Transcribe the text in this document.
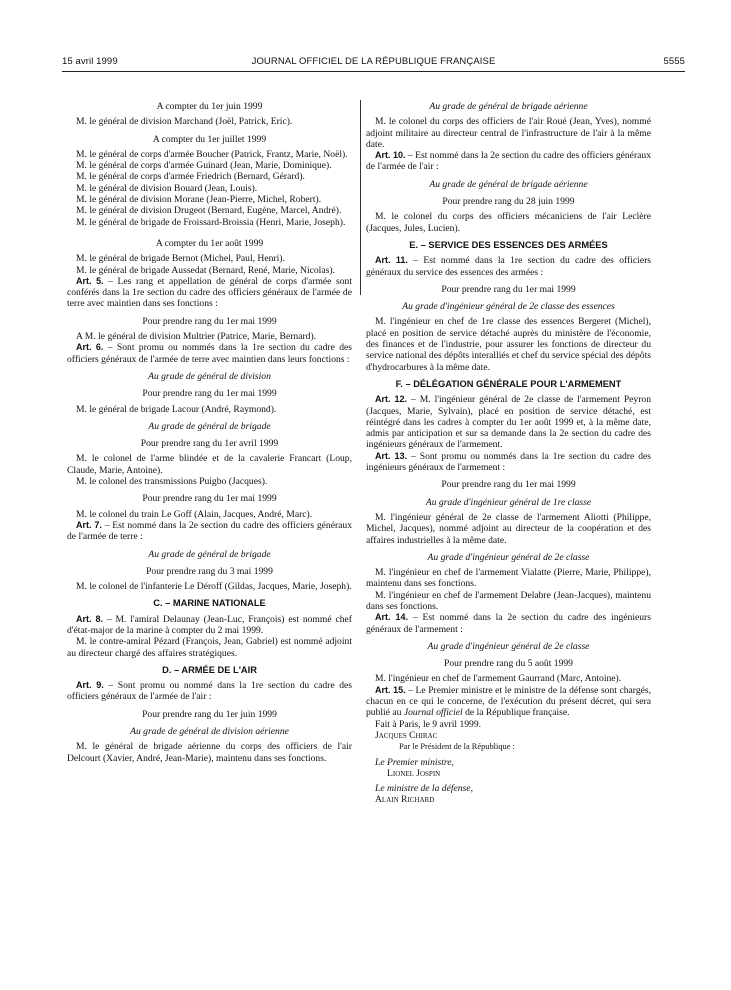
15 avril 1999	JOURNAL OFFICIEL DE LA RÉPUBLIQUE FRANÇAISE	5555

A compter du 1er juin 1999

M. le général de division Marchand (Joël, Patrick, Eric).

A compter du 1er juillet 1999

M. le général de corps d'armée Boucher (Patrick, Frantz, Marie, Noël).

M. le général de corps d'armée Guinard (Jean, Marie, Dominique).

M. le général de corps d'armée Friedrich (Bernard, Gérard).

M. le général de division Bouard (Jean, Louis).

M. le général de division Morane (Jean-Pierre, Michel, Robert).

M. le général de division Drugeot (Bernard, Eugène, Marcel, André).

M. le général de brigade de Froissard-Broissia (Henri, Marie, Joseph).

A compter du 1er août 1999

M. le général de brigade Bernot (Michel, Paul, Henri).

M. le général de brigade Aussedat (Bernard, René, Marie, Nicolas).

Art. 5. – Les rang et appellation de général de corps d'armée sont conférés dans la 1re section du cadre des officiers généraux de l'armée de terre avec maintien dans ses fonctions :

Pour prendre rang du 1er mai 1999

A M. le général de division Multrier (Patrice, Marie, Bernard).

Art. 6. – Sont promu ou nommés dans la 1re section du cadre des officiers généraux de l'armée de terre avec maintien dans leurs fonctions :

Au grade de général de division

Pour prendre rang du 1er mai 1999

M. le général de brigade Lacour (André, Raymond).

Au grade de général de brigade

Pour prendre rang du 1er avril 1999

M. le colonel de l'arme blindée et de la cavalerie Francart (Loup, Claude, Marie, Antoine).

M. le colonel des transmissions Puigbo (Jacques).

Pour prendre rang du 1er mai 1999

M. le colonel du train Le Goff (Alain, Jacques, André, Marc).

Art. 7. – Est nommé dans la 2e section du cadre des officiers généraux de l'armée de terre :

Au grade de général de brigade

Pour prendre rang du 3 mai 1999

M. le colonel de l'infanterie Le Déroff (Gildas, Jacques, Marie, Joseph).

C. – MARINE NATIONALE

Art. 8. – M. l'amiral Delaunay (Jean-Luc, François) est nommé chef d'état-major de la marine à compter du 2 mai 1999.

M. le contre-amiral Pézard (François, Jean, Gabriel) est nommé adjoint au directeur chargé des affaires stratégiques.

D. – ARMÉE DE L'AIR

Art. 9. – Sont promu ou nommé dans la 1re section du cadre des officiers généraux de l'armée de l'air :

Pour prendre rang du 1er juin 1999

Au grade de général de division aérienne

M. le général de brigade aérienne du corps des officiers de l'air Delcourt (Xavier, André, Jean-Marie), maintenu dans ses fonctions.

Au grade de général de brigade aérienne

M. le colonel du corps des officiers de l'air Roué (Jean, Yves), nommé adjoint militaire au directeur central de l'infrastructure de l'air à la même date.

Art. 10. – Est nommé dans la 2e section du cadre des officiers généraux de l'armée de l'air :

Au grade de général de brigade aérienne

Pour prendre rang du 28 juin 1999

M. le colonel du corps des officiers mécaniciens de l'air Leclère (Jacques, Jules, Lucien).

E. – SERVICE DES ESSENCES DES ARMÉES

Art. 11. – Est nommé dans la 1re section du cadre des officiers généraux du service des essences des armées :

Pour prendre rang du 1er mai 1999

Au grade d'ingénieur général de 2e classe des essences

M. l'ingénieur en chef de 1re classe des essences Bergeret (Michel), placé en position de service détaché auprès du ministère de l'économie, des finances et de l'industrie, pour assurer les fonctions de directeur du service national des dépôts interalliés et chef du service spécial des dépôts d'hydrocarbures à la même date.

F. – DÉLÉGATION GÉNÉRALE POUR L'ARMEMENT

Art. 12. – M. l'ingénieur général de 2e classe de l'armement Peyron (Jacques, Marie, Sylvain), placé en position de service détaché, est réintégré dans les cadres à compter du 1er août 1999 et, à la même date, admis par anticipation et sur sa demande dans la 2e section du cadre des ingénieurs généraux de l'armement.

Art. 13. – Sont promu ou nommés dans la 1re section du cadre des ingénieurs généraux de l'armement :

Pour prendre rang du 1er mai 1999

Au grade d'ingénieur général de 1re classe

M. l'ingénieur général de 2e classe de l'armement Aliotti (Philippe, Michel, Jacques), nommé adjoint au directeur de la coopération et des affaires industrielles à la même date.

Au grade d'ingénieur général de 2e classe

M. l'ingénieur en chef de l'armement Vialatte (Pierre, Marie, Philippe), maintenu dans ses fonctions.

M. l'ingénieur en chef de l'armement Delabre (Jean-Jacques), maintenu dans ses fonctions.

Art. 14. – Est nommé dans la 2e section du cadre des ingénieurs généraux de l'armement :

Au grade d'ingénieur général de 2e classe

Pour prendre rang du 5 août 1999

M. l'ingénieur en chef de l'armement Gaurrand (Marc, Antoine).

Art. 15. – Le Premier ministre et le ministre de la défense sont chargés, chacun en ce qui le concerne, de l'exécution du présent décret, qui sera publié au Journal officiel de la République française.

Fait à Paris, le 9 avril 1999.

Jacques Chirac

Par le Président de la République :

Le Premier ministre,

Lionel Jospin

Le ministre de la défense,

Alain Richard
